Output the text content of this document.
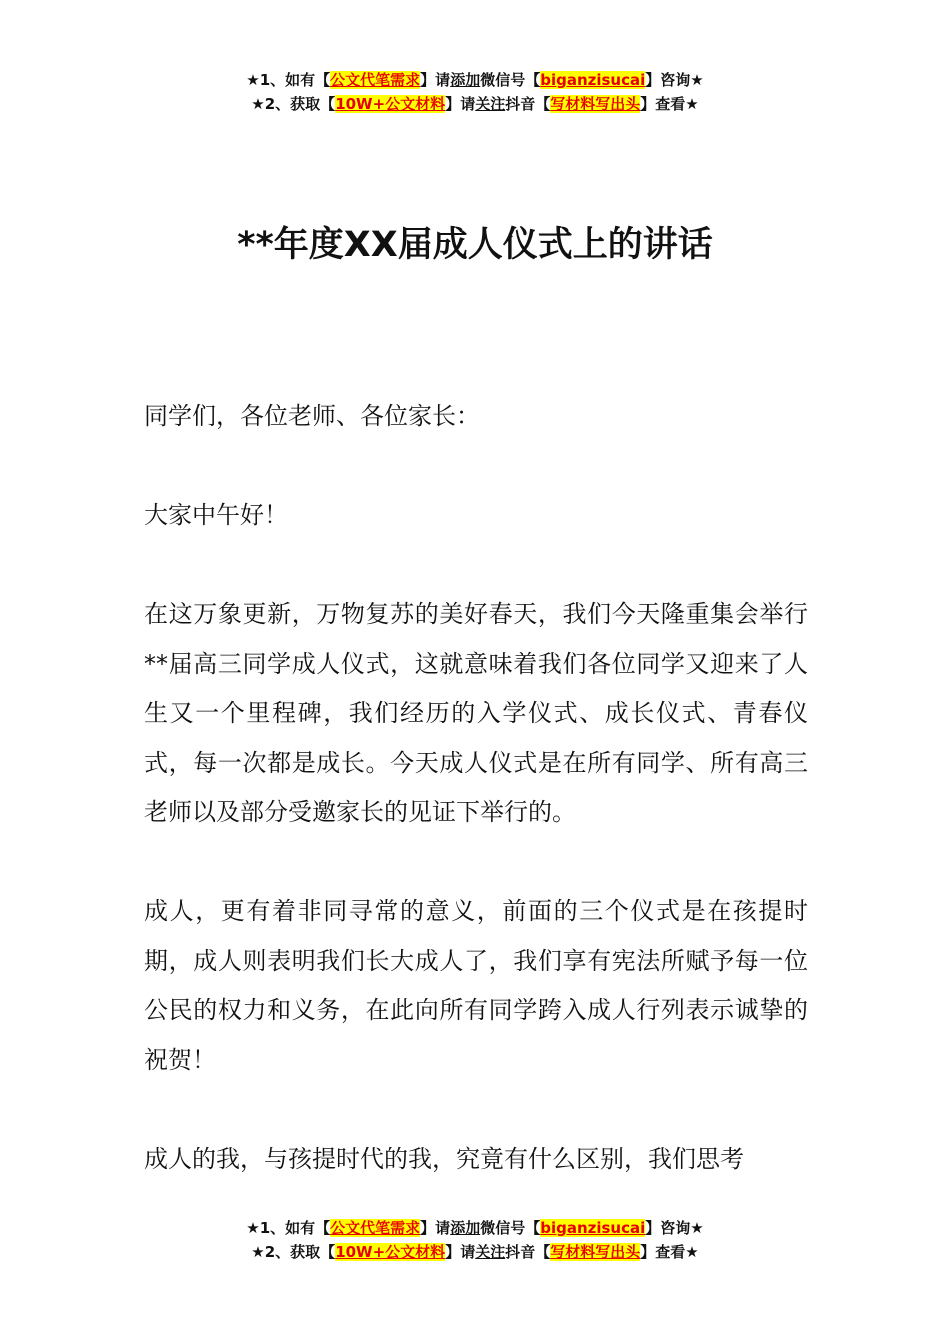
★1、如有【公文代笔需求】请添加微信号【biganzisucai】咨询★
★2、获取【10W+公文材料】请关注抖音【写材料写出头】查看★
**年度XX届成人仪式上的讲话

同学们，各位老师、各位家长：

大家中午好！

在这万象更新，万物复苏的美好春天，我们今天隆重集会举行**届高三同学成人仪式，这就意味着我们各位同学又迎来了人生又一个里程碑，我们经历的入学仪式、成长仪式、青春仪式，每一次都是成长。今天成人仪式是在所有同学、所有高三老师以及部分受邀家长的见证下举行的。

成人，更有着非同寻常的意义，前面的三个仪式是在孩提时期，成人则表明我们长大成人了，我们享有宪法所赋予每一位公民的权力和义务，在此向所有同学跨入成人行列表示诚挚的祝贺！

成人的我，与孩提时代的我，究竟有什么区别，我们思考

★1、如有【公文代笔需求】请添加微信号【biganzisucai】咨询★
★2、获取【10W+公文材料】请关注抖音【写材料写出头】查看★
